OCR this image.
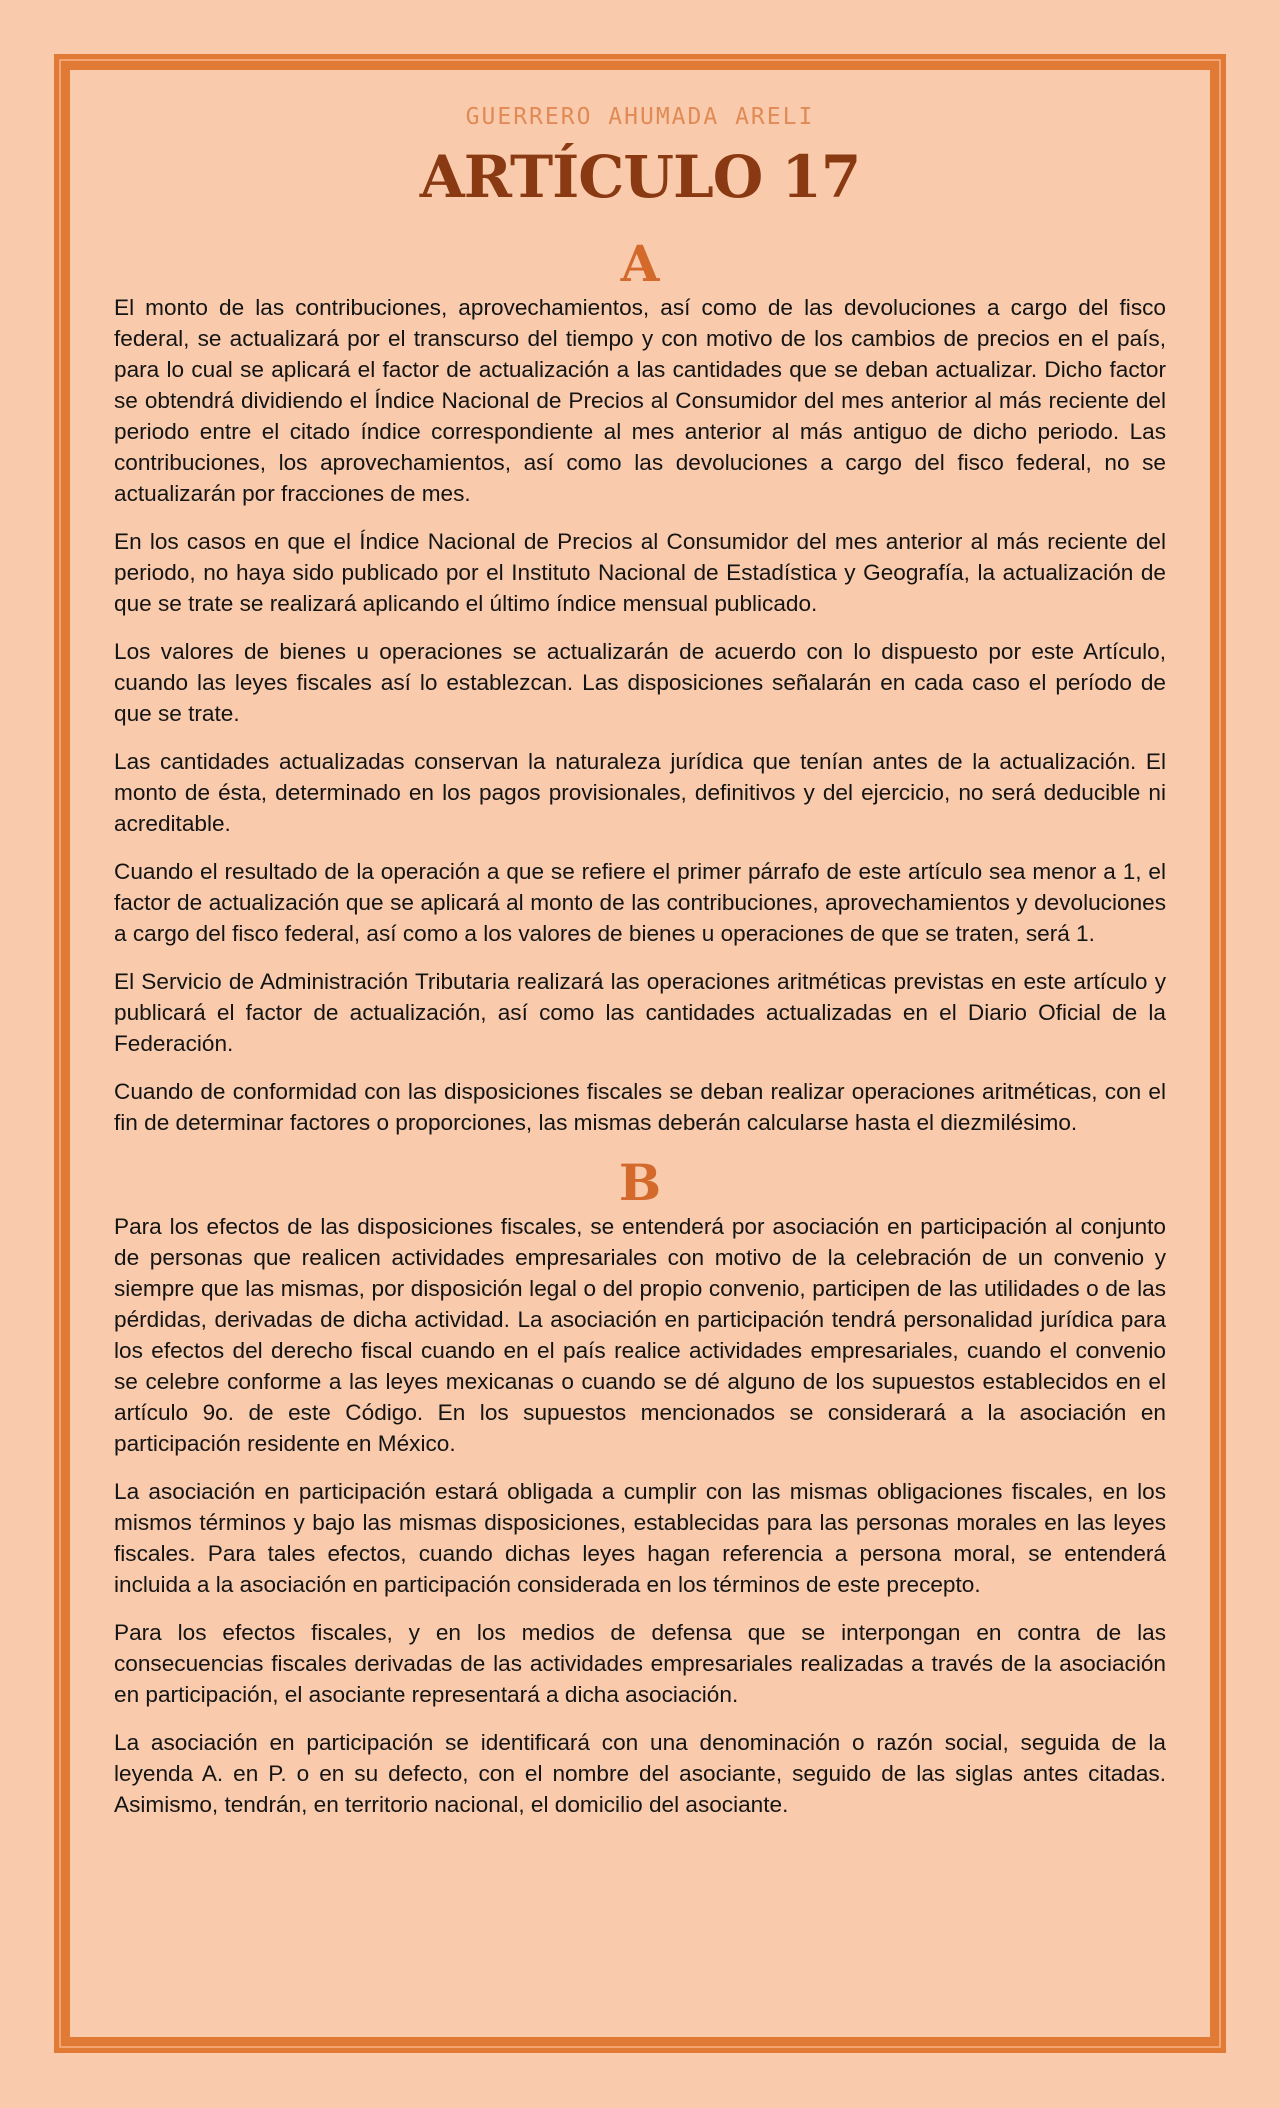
GUERRERO AHUMADA ARELI

ARTÍCULO 17
A

El monto de las contribuciones, aprovechamientos, así como de las devoluciones a cargo del fisco federal, se actualizará por el transcurso del tiempo y con motivo de los cambios de precios en el país, para lo cual se aplicará el factor de actualización a las cantidades que se deban actualizar. Dicho factor se obtendrá dividiendo el Índice Nacional de Precios al Consumidor del mes anterior al más reciente del periodo entre el citado índice correspondiente al mes anterior al más antiguo de dicho periodo. Las contribuciones, los aprovechamientos, así como las devoluciones a cargo del fisco federal, no se actualizarán por fracciones de mes.

En los casos en que el Índice Nacional de Precios al Consumidor del mes anterior al más reciente del periodo, no haya sido publicado por el Instituto Nacional de Estadística y Geografía, la actualización de que se trate se realizará aplicando el último índice mensual publicado.

Los valores de bienes u operaciones se actualizarán de acuerdo con lo dispuesto por este Artículo, cuando las leyes fiscales así lo establezcan. Las disposiciones señalarán en cada caso el período de que se trate.

Las cantidades actualizadas conservan la naturaleza jurídica que tenían antes de la actualización. El monto de ésta, determinado en los pagos provisionales, definitivos y del ejercicio, no será deducible ni acreditable.

Cuando el resultado de la operación a que se refiere el primer párrafo de este artículo sea menor a 1, el factor de actualización que se aplicará al monto de las contribuciones, aprovechamientos y devoluciones a cargo del fisco federal, así como a los valores de bienes u operaciones de que se traten, será 1.

El Servicio de Administración Tributaria realizará las operaciones aritméticas previstas en este artículo y publicará el factor de actualización, así como las cantidades actualizadas en el Diario Oficial de la Federación.

Cuando de conformidad con las disposiciones fiscales se deban realizar operaciones aritméticas, con el fin de determinar factores o proporciones, las mismas deberán calcularse hasta el diezmilésimo.

B

Para los efectos de las disposiciones fiscales, se entenderá por asociación en participación al conjunto de personas que realicen actividades empresariales con motivo de la celebración de un convenio y siempre que las mismas, por disposición legal o del propio convenio, participen de las utilidades o de las pérdidas, derivadas de dicha actividad. La asociación en participación tendrá personalidad jurídica para los efectos del derecho fiscal cuando en el país realice actividades empresariales, cuando el convenio se celebre conforme a las leyes mexicanas o cuando se dé alguno de los supuestos establecidos en el artículo 9o. de este Código. En los supuestos mencionados se considerará a la asociación en participación residente en México.

La asociación en participación estará obligada a cumplir con las mismas obligaciones fiscales, en los mismos términos y bajo las mismas disposiciones, establecidas para las personas morales en las leyes fiscales. Para tales efectos, cuando dichas leyes hagan referencia a persona moral, se entenderá incluida a la asociación en participación considerada en los términos de este precepto.

Para los efectos fiscales, y en los medios de defensa que se interpongan en contra de las consecuencias fiscales derivadas de las actividades empresariales realizadas a través de la asociación en participación, el asociante representará a dicha asociación.

La asociación en participación se identificará con una denominación o razón social, seguida de la leyenda A. en P. o en su defecto, con el nombre del asociante, seguido de las siglas antes citadas. Asimismo, tendrán, en territorio nacional, el domicilio del asociante.
